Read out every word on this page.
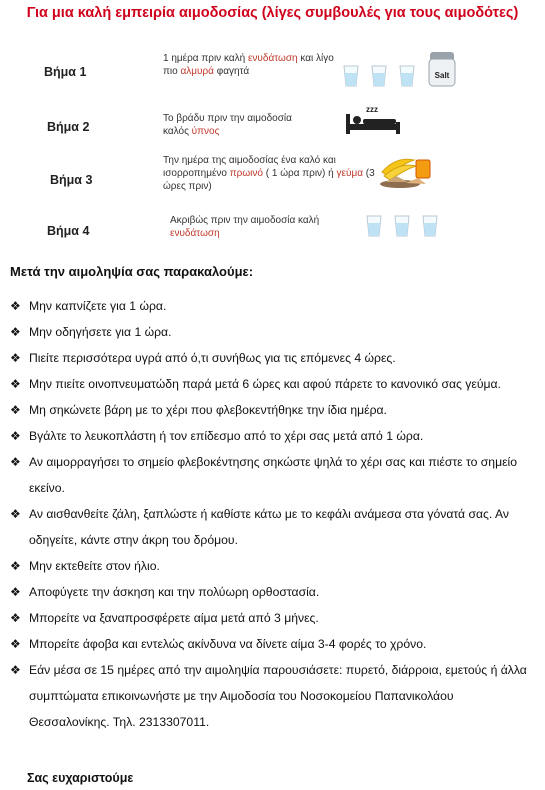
Για μια καλή εμπειρία αιμοδοσίας (λίγες συμβουλές για τους αιμοδότες)
Βήμα 1
1 ημέρα πριν καλή ενυδάτωση και λίγο πιο αλμυρά φαγητά	Salt
Βήμα 2
Το βράδυ πριν την αιμοδοσία καλός ύπνος
zzz
Βήμα 3
Την ημέρα της αιμοδοσίας ένα καλό και ισορροπημένο πρωινό ( 1 ώρα πριν) ή γεύμα (3 ώρες πριν)
Βήμα 4
Ακριβώς πριν την αιμοδοσία καλή ενυδάτωση
Μετά την αιμοληψία σας παρακαλούμε:
❖ Μην καπνίζετε για 1 ώρα.
❖ Μην οδηγήσετε για 1 ώρα.
❖ Πιείτε περισσότερα υγρά από ό,τι συνήθως για τις επόμενες 4 ώρες.
❖ Μην πιείτε οινοπνευματώδη παρά μετά 6 ώρες και αφού πάρετε το κανονικό σας γεύμα.
❖ Μη σηκώνετε βάρη με το χέρι που φλεβοκεντήθηκε την ίδια ημέρα.
❖ Βγάλτε το λευκοπλάστη ή τον επίδεσμο από το χέρι σας μετά από 1 ώρα.
❖ Αν αιμορραγήσει το σημείο φλεβοκέντησης σηκώστε ψηλά το χέρι σας και πιέστε το σημείο εκείνο.
❖ Αν αισθανθείτε ζάλη, ξαπλώστε ή καθίστε κάτω με το κεφάλι ανάμεσα στα γόνατά σας. Αν οδηγείτε, κάντε στην άκρη του δρόμου.
❖ Μην εκτεθείτε στον ήλιο.
❖ Αποφύγετε την άσκηση και την πολύωρη ορθοστασία.
❖ Μπορείτε να ξαναπροσφέρετε αίμα μετά από 3 μήνες.
❖ Μπορείτε άφοβα και εντελώς ακίνδυνα να δίνετε αίμα 3-4 φορές το χρόνο.
❖ Εάν μέσα σε 15 ημέρες από την αιμοληψία παρουσιάσετε: πυρετό, διάρροια, εμετούς ή άλλα συμπτώματα επικοινωνήστε με την Αιμοδοσία του Νοσοκομείου Παπανικολάου Θεσσαλονίκης. Τηλ. 2313307011.
Σας ευχαριστούμε
